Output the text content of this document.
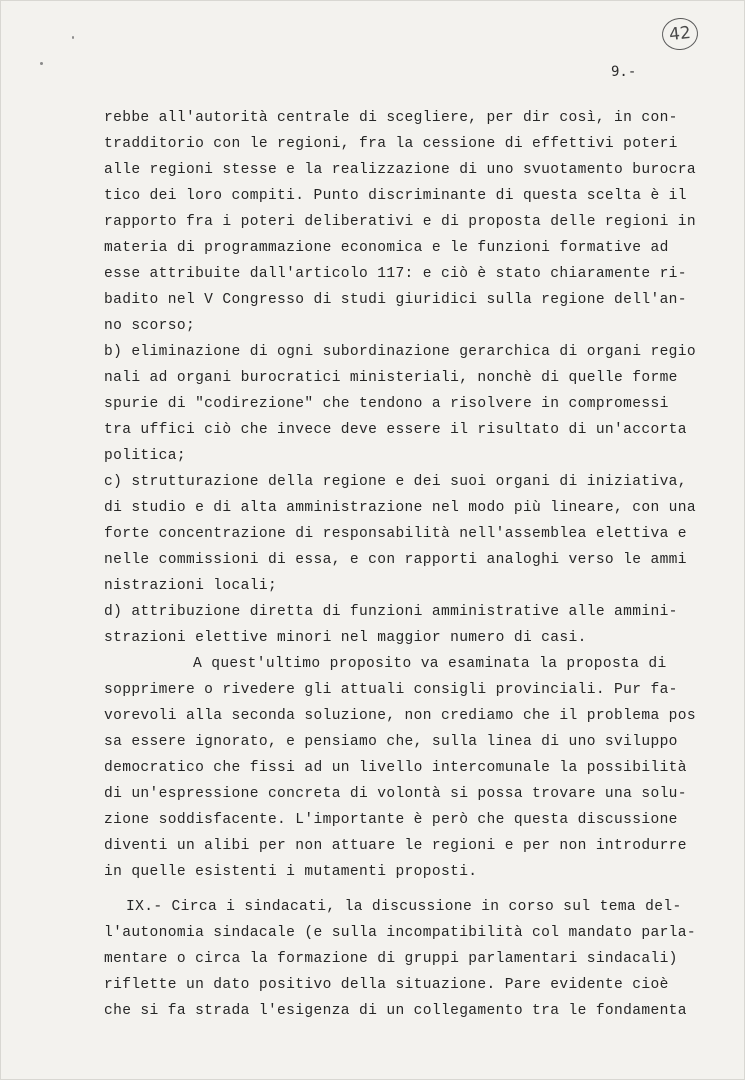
42
9.-
rebbe all'autorità centrale di scegliere, per dir così, in con-
tradditorio con le regioni, fra la cessione di effettivi poteri
alle regioni stesse e la realizzazione di uno svuotamento burocra
tico dei loro compiti. Punto discriminante di questa scelta è il
rapporto fra i poteri deliberativi e di proposta delle regioni in
materia di programmazione economica e le funzioni formative ad
esse attribuite dall'articolo 117: e ciò è stato chiaramente ri-
badito nel V Congresso di studi giuridici sulla regione dell'an-
no scorso;
b) eliminazione di ogni subordinazione gerarchica di organi regio
nali ad organi burocratici ministeriali, nonchè di quelle forme
spurie di "codirezione" che tendono a risolvere in compromessi
tra uffici ciò che invece deve essere il risultato di un'accorta
politica;
c) strutturazione della regione e dei suoi organi di iniziativa,
di studio e di alta amministrazione nel modo più lineare, con una
forte concentrazione di responsabilità nell'assemblea elettiva e
nelle commissioni di essa, e con rapporti analoghi verso le ammi
nistrazioni locali;
d) attribuzione diretta di funzioni amministrative alle ammini-
strazioni elettive minori nel maggior numero di casi.
A quest'ultimo proposito va esaminata la proposta di
sopprimere o rivedere gli attuali consigli provinciali. Pur fa-
vorevoli alla seconda soluzione, non crediamo che il problema pos
sa essere ignorato, e pensiamo che, sulla linea di uno sviluppo
democratico che fissi ad un livello intercomunale la possibilità
di un'espressione concreta di volontà si possa trovare una solu-
zione soddisfacente. L'importante è però che questa discussione
diventi un alibi per non attuare le regioni e per non introdurre
in quelle esistenti i mutamenti proposti.
IX.- Circa i sindacati, la discussione in corso sul tema del-
l'autonomia sindacale (e sulla incompatibilità col mandato parla-
mentare o circa la formazione di gruppi parlamentari sindacali)
riflette un dato positivo della situazione. Pare evidente cioè
che si fa strada l'esigenza di un collegamento tra le fondamenta
